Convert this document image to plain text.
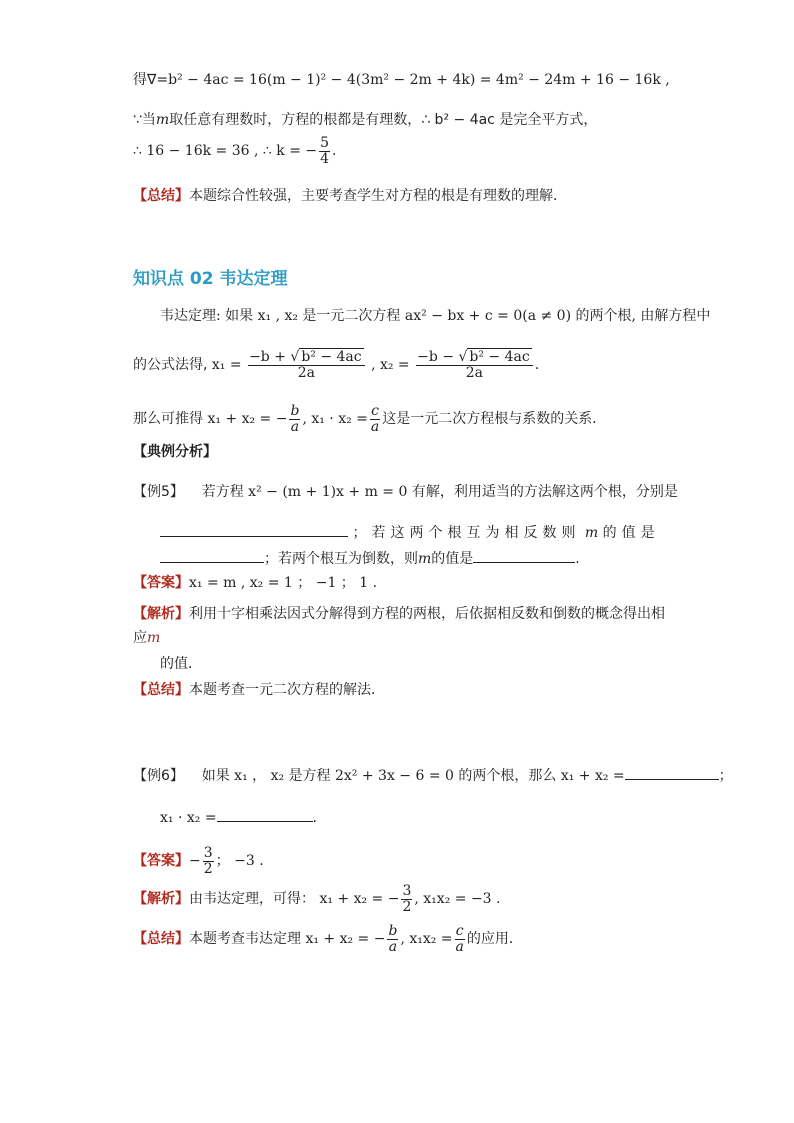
得∇=b² − 4ac = 16(m − 1)² − 4(3m² − 2m + 4k) = 4m² − 24m + 16 − 16k ,
∵当m取任意有理数时，方程的根都是有理数，∴ b² − 4ac 是完全平方式，
∴ 16 − 16k = 36 , ∴ k = − $\frac{5}{4}$ .
【总结】本题综合性较强，主要考查学生对方程的根是有理数的理解．
知识点 02 韦达定理
韦达定理: 如果 x₁ , x₂ 是一元二次方程 ax² − bx + c = 0(a ≠ 0) 的两个根, 由解方程中
的公式法得, $x_1 = \frac{\text{−b + √ b² − 4ac}}{2a}$ , $x_2 = \frac{\text{−b − √ b² − 4ac}}{2a}$ .
那么可推得 x₁ + x₂ = − $\frac{b}{a}$ , $x_1 \cdot x_2 = \frac{c}{a}$ 这是一元二次方程根与系数的关系．
【典例分析】
【例5】 若方程 x² − (m + 1)x + m = 0 有解，利用适当的方法解这两个根，分别是
；若这两个根互为相反数则 m 的值是
；若两个根互为倒数，则m的值是	.
【答案】x₁ = m , x₂ = 1 ； −1 ； 1 .
【解析】利用十字相乘法因式分解得到方程的两根，后依据相反数和倒数的概念得出相
应m
的值．
【总结】本题考查一元二次方程的解法．
【例6】 如果 x₁ ， x₂ 是方程 2x² + 3x − 6 = 0 的两个根，那么 x₁ + x₂ =	；
x₁ · x₂ =	.
【答案】− $\frac{3}{2}$ ； −3 .
【解析】由韦达定理，可得： x₁ + x₂ = − $\frac{3}{2}$ , x₁x₂ = −3 .
【总结】本题考查韦达定理 x₁ + x₂ = − $\frac{b}{a}$ , $x_1x_2 = \frac{c}{a}$ 的应用．
